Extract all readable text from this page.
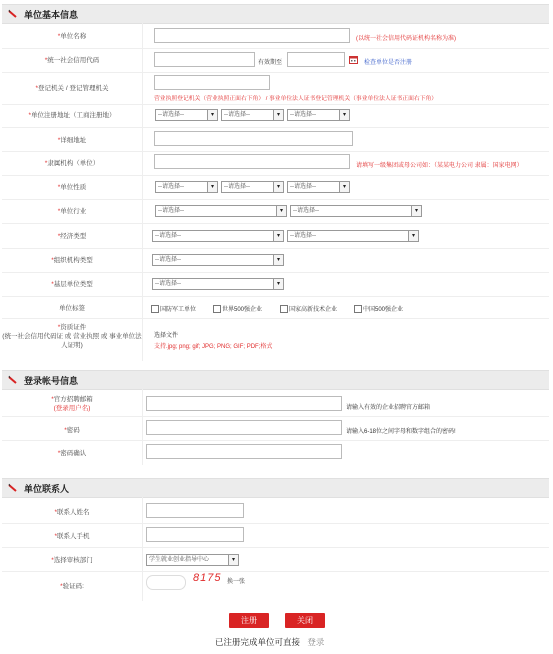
单位基本信息
*单位名称	(以统一社会信用代码证机构名称为准)
*统一社会信用代码	有效期至	检查单位是否注册
*登记机关 / 登记管理机关
营业执照登记机关（营业执照正面右下角） / 事业单位法人证书登记管理机关（事业单位法人证书正面右下角）
*单位注册地址（工商注册地）	--请选择--	▾	--请选择--	▾	--请选择--	▾
*详细地址
*隶属机构（单位）	请填写一级集团或母公司如：（某某电力公司 隶属：国家电网）
*单位性质	--请选择--	▾	--请选择--	▾	--请选择--	▾
*单位行业	--请选择--	▾	--请选择--	▾
*经济类型	--请选择--	▾	--请选择--	▾
*组织机构类型	--请选择--	▾
*基层单位类型	--请选择--	▾
单位标签	国防军工单位	世界500强企业	国家高新技术企业	中国500强企业
*资质证件
(统一社会信用代码证 或 营业执照 或 事业单位法人证明)
选择文件
支持.jpg; png; gif; JPG; PNG; GIF; PDF;格式
登录帐号信息
*官方招聘邮箱
(登录用户名)	请输入有效的企业招聘官方邮箱
*密码	请输入6-18位之间字母和数字组合的密码!
*密码确认
单位联系人
*联系人姓名
*联系人手机
*选择审核部门	学生就业创业指导中心	▾
*验证码:
8175 换一张
注册	关闭
已注册完成单位可直接 登录
